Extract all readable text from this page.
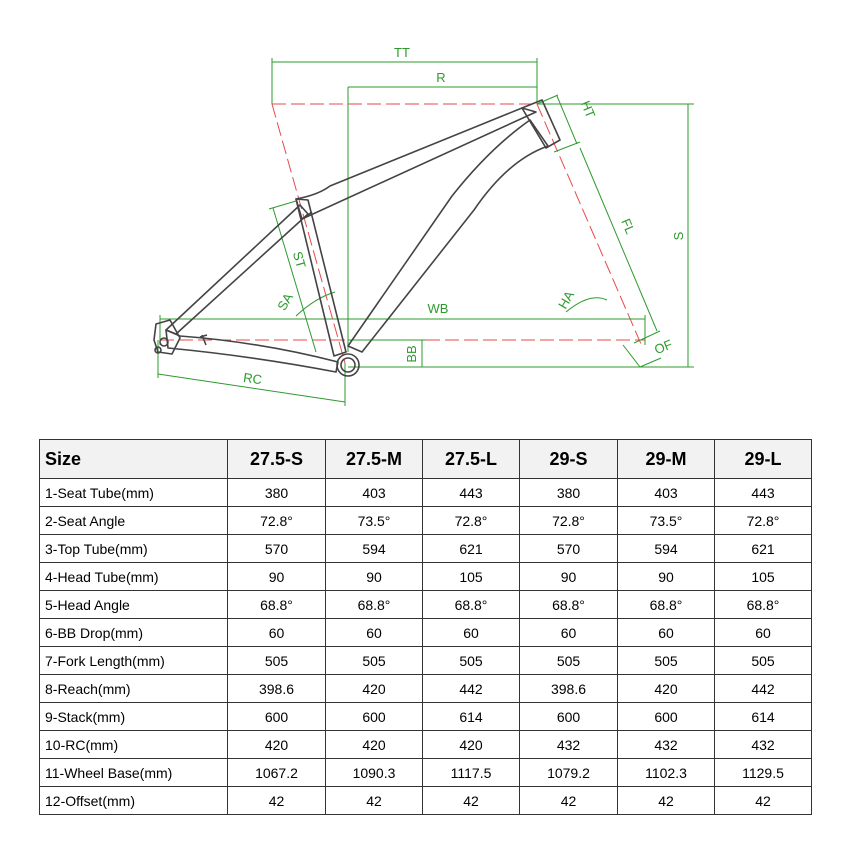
TT
R
HT
S
FL
ST
SA	WB	HA
BB	OF
RC
Size	27.5-S	27.5-M	27.5-L	29-S	29-M	29-L
1-Seat Tube(mm)	380	403	443	380	403	443
2-Seat Angle	72.8°	73.5°	72.8°	72.8°	73.5°	72.8°
3-Top Tube(mm)	570	594	621	570	594	621
4-Head Tube(mm)	90	90	105	90	90	105
5-Head Angle	68.8°	68.8°	68.8°	68.8°	68.8°	68.8°
6-BB Drop(mm)	60	60	60	60	60	60
7-Fork Length(mm)	505	505	505	505	505	505
8-Reach(mm)	398.6	420	442	398.6	420	442
9-Stack(mm)	600	600	614	600	600	614
10-RC(mm)	420	420	420	432	432	432
11-Wheel Base(mm)	1067.2	1090.3	1117.5	1079.2	1102.3	1129.5
12-Offset(mm)	42	42	42	42	42	42
